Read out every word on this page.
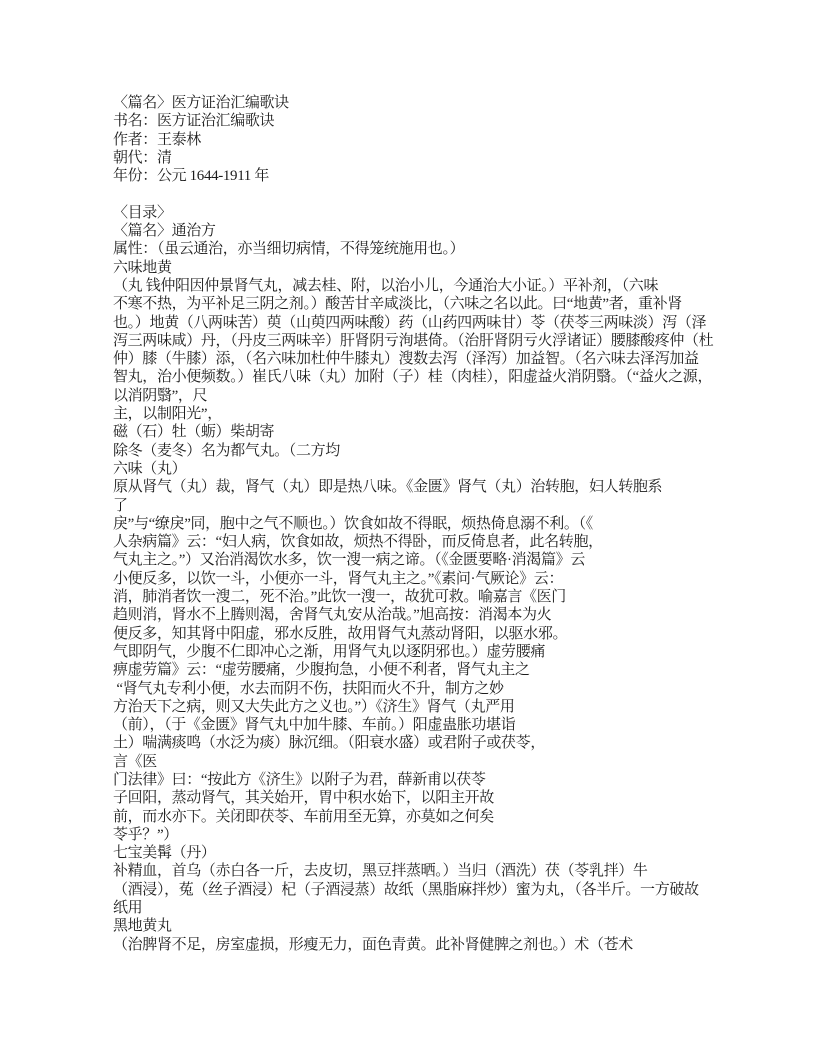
〈篇名〉医方证治汇编歌诀
书名：医方证治汇编歌诀
作者：王泰林
朝代：清
年份：公元 1644-1911 年
〈目录〉
〈篇名〉通治方
属性：（虽云通治，亦当细切病情，不得笼统施用也。）
六味地黄
（丸 钱仲阳因仲景肾气丸，减去桂、附，以治小儿，今通治大小证。）平补剂，（六味
不寒不热，为平补足三阴之剂。）酸苦甘辛咸淡比，（六味之名以此。曰“地黄”者，重补肾
也。）地黄（八两味苦）萸（山萸四两味酸）药（山药四两味甘）苓（茯苓三两味淡）泻（泽
泻三两味咸）丹，（丹皮三两味辛）肝肾阴亏洵堪倚。（治肝肾阴亏火浮诸证）腰膝酸疼仲（杜
仲）膝（牛膝）添，（名六味加杜仲牛膝丸）溲数去泻（泽泻）加益智。（名六味去泽泻加益
智丸，治小便频数。）崔氏八味（丸）加附（子）桂（肉桂），阳虚益火消阴翳。（“益火之源，
以消阴翳”，尺
主，以制阳光”，
磁（石）牡（蛎）柴胡寄
除冬（麦冬）名为都气丸。（二方均
六味（丸）
原从肾气（丸）裁，肾气（丸）即是热八味。《金匮》肾气（丸）治转胞，妇人转胞系
了
戾”与“缭戾”同，胞中之气不顺也。）饮食如故不得眠，烦热倚息溺不利。（《
人杂病篇》云：“妇人病，饮食如故，烦热不得卧，而反倚息者，此名转胞，
气丸主之。”）又治消渴饮水多，饮一溲一病之谛。（《金匮要略·消渴篇》云
小便反多，以饮一斗，小便亦一斗，肾气丸主之。”《素问·气厥论》云：
消，肺消者饮一溲二，死不治。”此饮一溲一，故犹可救。喻嘉言《医门
趋则消，肾水不上腾则渴，舍肾气丸安从治哉。”旭高按：消渴本为火
便反多，知其肾中阳虚，邪水反胜，故用肾气丸蒸动肾阳，以驱水邪。
气即阴气，少腹不仁即冲心之渐，用肾气丸以逐阴邪也。）虚劳腰痛
痹虚劳篇》云：“虚劳腰痛，少腹拘急，小便不利者，肾气丸主之
“肾气丸专利小便，水去而阴不伤，扶阳而火不升，制方之妙
方治天下之病，则又大失此方之义也。”）《济生》肾气（丸严用
（前），（于《金匮》肾气丸中加牛膝、车前。）阳虚蛊胀功堪诣
土）喘满痰鸣（水泛为痰）脉沉细。（阳衰水盛）或君附子或茯苓，
言《医
门法律》曰：“按此方《济生》以附子为君，薛新甫以茯苓
子回阳，蒸动肾气，其关始开，胃中积水始下，以阳主开故
前，而水亦下。关闭即茯苓、车前用至无算，亦莫如之何矣
苓乎？”）
七宝美髯（丹）
补精血，首乌（赤白各一斤，去皮切，黑豆拌蒸晒。）当归（酒洗）茯（苓乳拌）牛
（酒浸），菟（丝子酒浸）杞（子酒浸蒸）故纸（黑脂麻拌炒）蜜为丸，（各半斤。一方破故
纸用
黑地黄丸
（治脾肾不足，房室虚损，形瘦无力，面色青黄。此补肾健脾之剂也。）术（苍术
